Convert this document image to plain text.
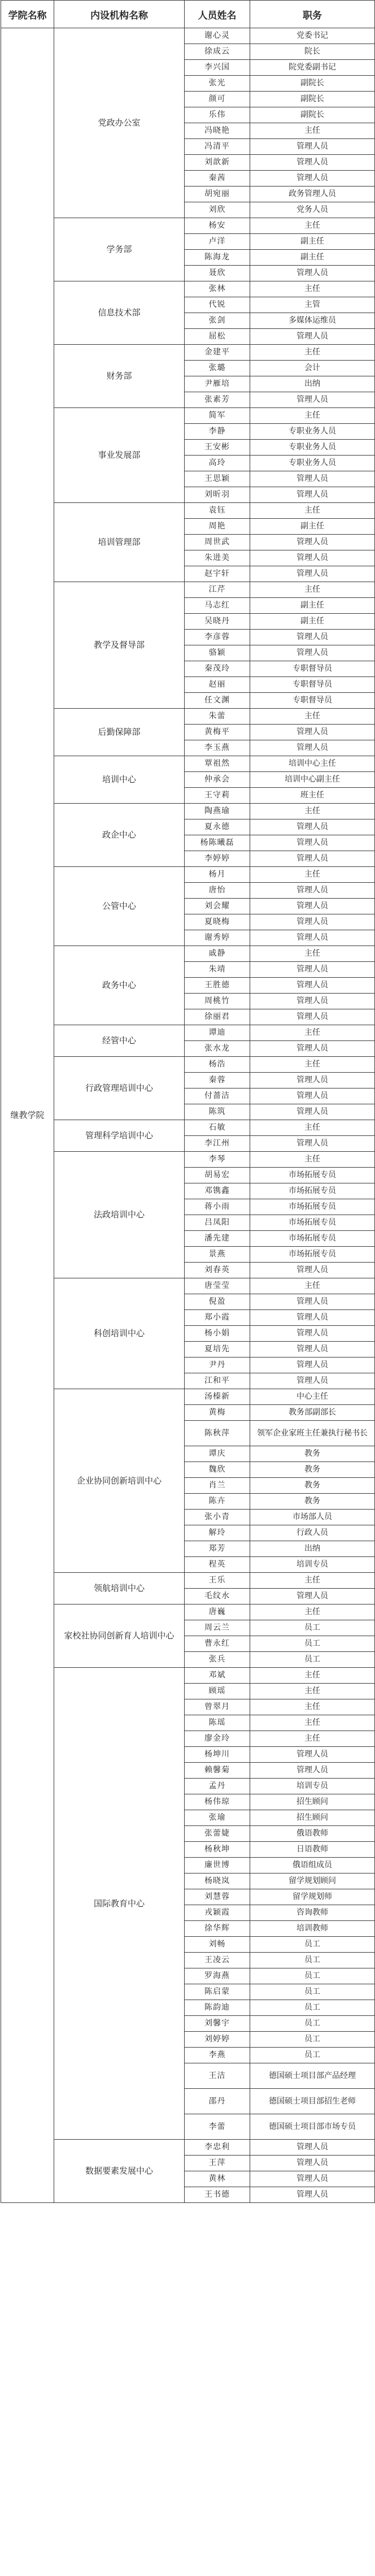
学院名称	内设机构名称	人员姓名	职务
继教学院	党政办公室	谢心灵	党委书记
		徐成云	院长
		李兴国	院党委副书记
		张光	副院长
		颜可	副院长
		乐伟	副院长
		冯晓艳	主任
		冯清平	管理人员
		刘歆新	管理人员
		秦茜	管理人员
		胡宛丽	政务管理人员
		刘欣	党务人员
	学务部	杨安	主任
		卢洋	副主任
		陈海龙	副主任
		聂欣	管理人员
	信息技术部	张林	主任
		代锐	主管
		张剑	多媒体运维员
		屈松	管理人员
	财务部	金建平	主任
		张璐	会计
		尹雁培	出纳
		张素芳	管理人员
	事业发展部	简军	主任
		李静	专职业务人员
		王安彬	专职业务人员
		高玲	专职业务人员
		王思颖	管理人员
		刘昕羽	管理人员
	培训管理部	袁钰	主任
		周艳	副主任
		周世武	管理人员
		朱进美	管理人员
		赵宇轩	管理人员
	教学及督导部	江芹	主任
		马志红	副主任
		吴晓丹	副主任
		李彦蓉	管理人员
		骆颖	管理人员
		秦茂玲	专职督导员
		赵丽	专职督导员
		任文渊	专职督导员
	后勤保障部	朱蕾	主任
		黄梅平	管理人员
		李玉燕	管理人员
	培训中心	覃祖然	培训中心主任
		仲承会	培训中心副主任
		王守莉	班主任
	政企中心	陶燕瑜	主任
		夏永德	管理人员
		杨陈曦磊	管理人员
		李婷婷	管理人员
	公管中心	杨月	主任
		唐怡	管理人员
		刘会耀	管理人员
		夏晓梅	管理人员
		谢秀婷	管理人员
	政务中心	戚静	主任
		朱靖	管理人员
		王胜德	管理人员
		周桃竹	管理人员
		徐丽君	管理人员
	经管中心	谭迪	主任
		张水龙	管理人员
	行政管理培训中心	杨浩	主任
		秦蓉	管理人员
		付蔷洁	管理人员
		陈筑	管理人员
	管理科学培训中心	石敏	主任
		李江州	管理人员
	法政培训中心	李琴	主任
		胡易宏	市场拓展专员
		邓镌鑫	市场拓展专员
		蒋小雨	市场拓展专员
		吕凤阳	市场拓展专员
		潘先建	市场拓展专员
		景燕	市场拓展专员
		刘春英	管理人员
	科创培训中心	唐莹莹	主任
		倪盈	管理人员
		郑小霞	管理人员
		杨小娟	管理人员
		夏培先	管理人员
		尹丹	管理人员
		江和平	管理人员
	企业协同创新培训中心	汤榛新	中心主任
		黄梅	教务部副部长
		陈秋萍	领军企业家班主任兼执行秘书长
		谭庆	教务
		魏欣	教务
		肖兰	教务
		陈卉	教务
		张小青	市场部人员
		解玲	行政人员
		郑芳	出纳
		程英	培训专员
	领航培训中心	王乐	主任
		毛纹水	管理人员
	家校社协同创新育人培训中心	唐巍	主任
		周云兰	员工
		曹永红	员工
		张兵	员工
	国际教育中心	邓斌	主任
		顾瑶	主任
		曾翠月	主任
		陈瑶	主任
		廖金玲	主任
		杨坤川	管理人员
		赖馨菊	管理人员
		孟丹	培训专员
		杨伟琼	招生顾问
		张瑜	招生顾问
		张蕾婕	俄语教师
		杨秋坤	日语教师
		廉世博	俄语组成员
		杨晓岚	留学规划顾问
		刘慧蓉	留学规划师
		戎颖霞	咨询教师
		徐华辉	培训教师
		刘畅	员工
		王凌云	员工
		罗海燕	员工
		陈启蒙	员工
		陈韵迪	员工
		刘馨宇	员工
		刘婷婷	员工
		李燕	员工
		王洁	德国硕士项目部产品经理
		邵丹	德国硕士项目部招生老师
		李蕾	德国硕士项目部市场专员
	数据要素发展中心	李忠利	管理人员
		王萍	管理人员
		黄林	管理人员
		王书德	管理人员
